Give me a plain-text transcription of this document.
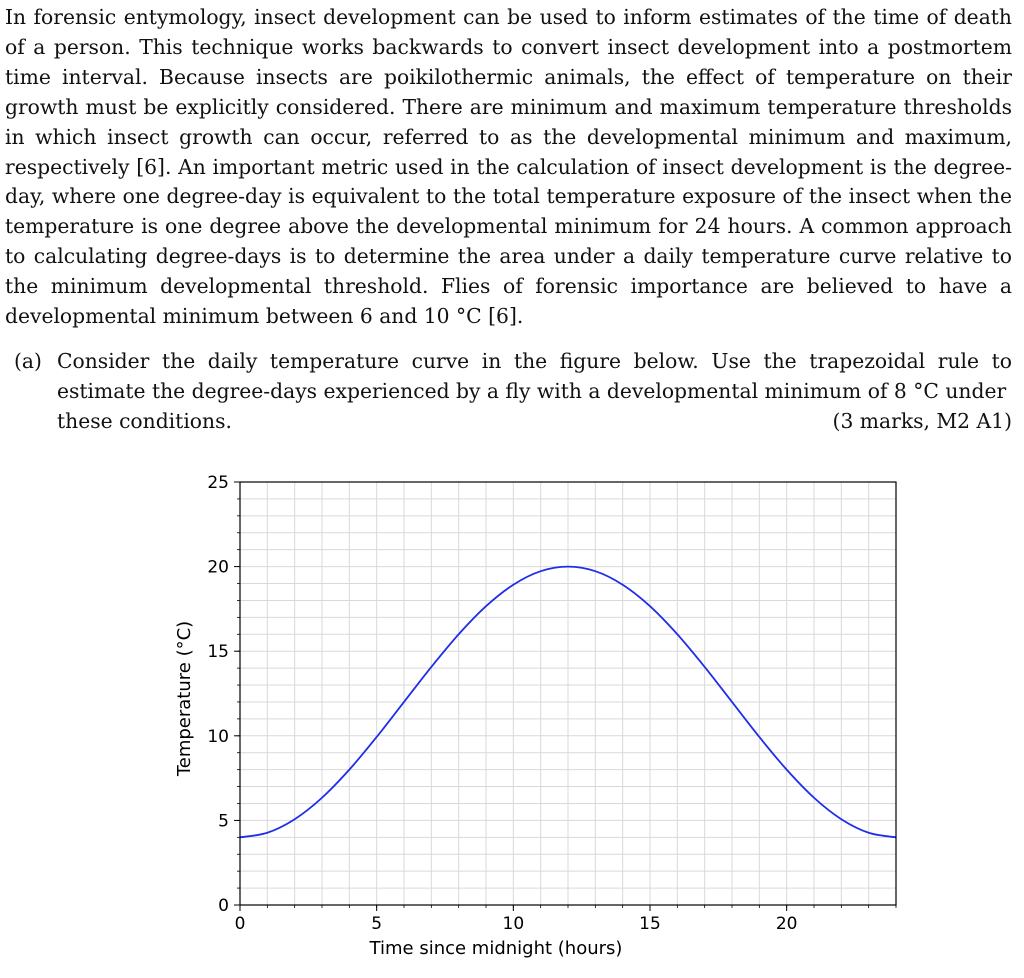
In forensic entymology, insect development can be used to inform estimates of the time of death of a person. This technique works backwards to convert insect development into a postmortem time interval. Because insects are poikilothermic animals, the effect of temperature on their growth must be explicitly considered. There are minimum and maximum temperature thresholds in which insect growth can occur, referred to as the developmental minimum and maximum, respectively [6]. An important metric used in the calculation of insect development is the degree-day, where one degree-day is equivalent to the total temperature exposure of the insect when the temperature is one degree above the developmental minimum for 24 hours. A common approach to calculating degree-days is to determine the area under a daily temperature curve relative to the minimum developmental threshold. Flies of forensic importance are believed to have a developmental minimum between 6 and 10 °C [6].
(a) Consider the daily temperature curve in the figure below. Use the trapezoidal rule to estimate the degree-days experienced by a fly with a developmental minimum of 8 °C under
these conditions.	(3 marks, M2 A1)
0	5	10	15	20
0
5
10
15
20
25
Time since midnight (hours)
Temperature (°C)
